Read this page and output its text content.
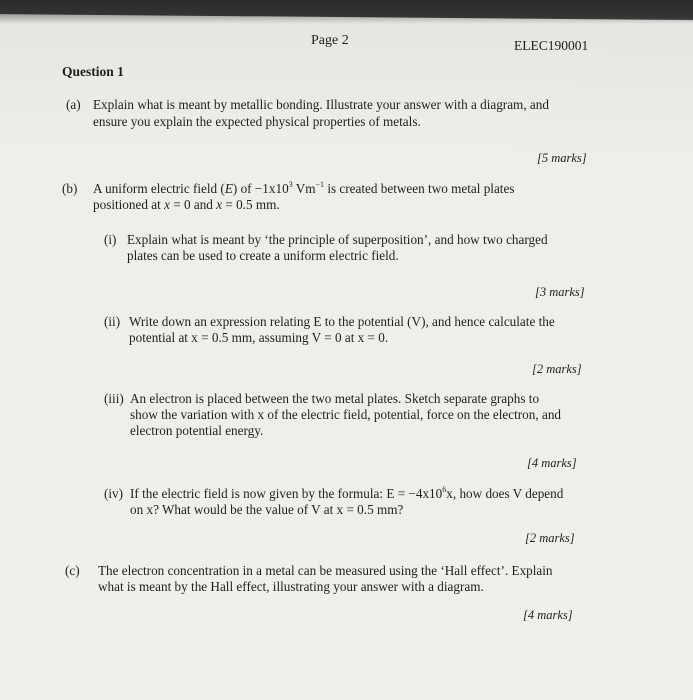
Page 2	ELEC190001
Question 1
(a) Explain what is meant by metallic bonding. Illustrate your answer with a diagram, and
ensure you explain the expected physical properties of metals.
[5 marks]
(b) A uniform electric field (E) of $-1x10^3$ $Vm^{-1}$ is created between two metal plates
positioned at x = 0 and x = 0.5 mm.
(i) Explain what is meant by ‘the principle of superposition’, and how two charged
plates can be used to create a uniform electric field.
[3 marks]
(ii) Write down an expression relating E to the potential (V), and hence calculate the
potential at x = 0.5 mm, assuming V = 0 at x = 0.
[2 marks]
(iii) An electron is placed between the two metal plates. Sketch separate graphs to
show the variation with x of the electric field, potential, force on the electron, and
electron potential energy.
[4 marks]
(iv) If the electric field is now given by the formula: $E = -4x10^6x$, how does V depend
on x? What would be the value of V at x = 0.5 mm?
[2 marks]
(c) The electron concentration in a metal can be measured using the ‘Hall effect’. Explain
what is meant by the Hall effect, illustrating your answer with a diagram.
[4 marks]
